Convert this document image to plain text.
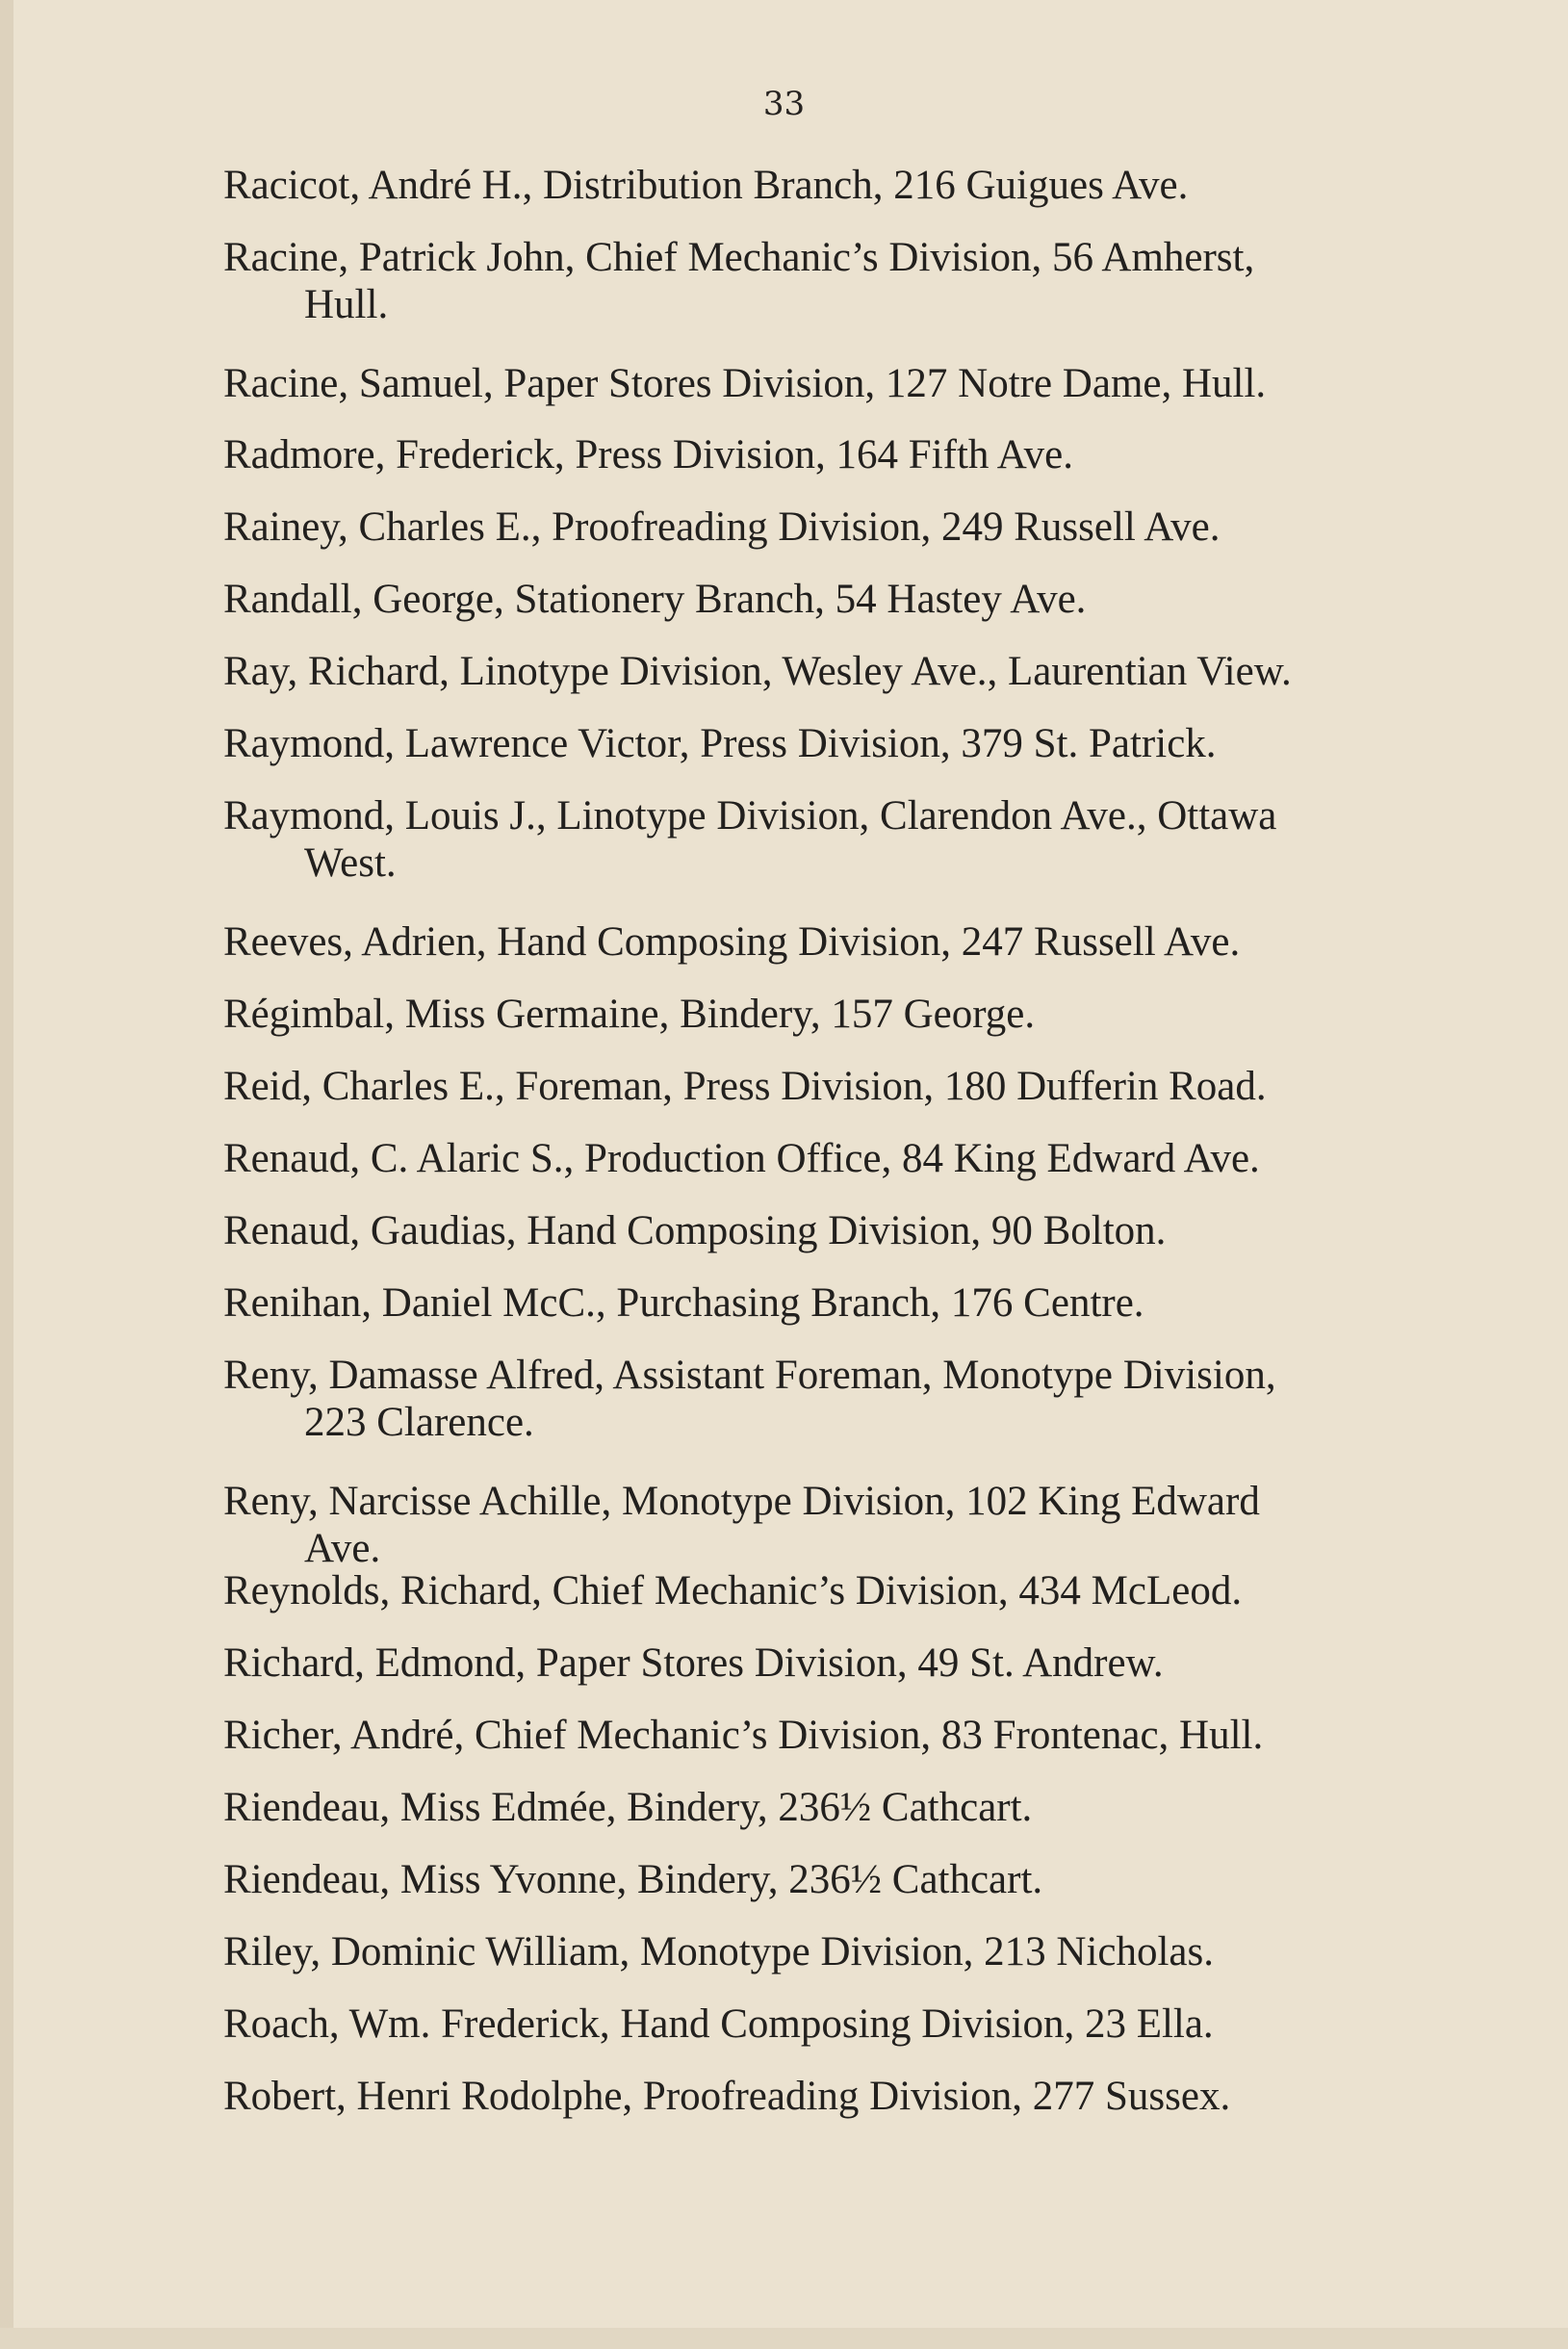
33
Racicot, André H., Distribution Branch, 216 Guigues Ave.
Racine, Patrick John, Chief Mechanic’s Division, 56 Amherst,
Hull.
Racine, Samuel, Paper Stores Division, 127 Notre Dame, Hull.
Radmore, Frederick, Press Division, 164 Fifth Ave.
Rainey, Charles E., Proofreading Division, 249 Russell Ave.
Randall, George, Stationery Branch, 54 Hastey Ave.
Ray, Richard, Linotype Division, Wesley Ave., Laurentian View.
Raymond, Lawrence Victor, Press Division, 379 St. Patrick.
Raymond, Louis J., Linotype Division, Clarendon Ave., Ottawa
West.
Reeves, Adrien, Hand Composing Division, 247 Russell Ave.
Régimbal, Miss Germaine, Bindery, 157 George.
Reid, Charles E., Foreman, Press Division, 180 Dufferin Road.
Renaud, C. Alaric S., Production Office, 84 King Edward Ave.
Renaud, Gaudias, Hand Composing Division, 90 Bolton.
Renihan, Daniel McC., Purchasing Branch, 176 Centre.
Reny, Damasse Alfred, Assistant Foreman, Monotype Division,
223 Clarence.
Reny, Narcisse Achille, Monotype Division, 102 King Edward
Ave.
Reynolds, Richard, Chief Mechanic’s Division, 434 McLeod.
Richard, Edmond, Paper Stores Division, 49 St. Andrew.
Richer, André, Chief Mechanic’s Division, 83 Frontenac, Hull.
Riendeau, Miss Edmée, Bindery, 236½ Cathcart.
Riendeau, Miss Yvonne, Bindery, 236½ Cathcart.
Riley, Dominic William, Monotype Division, 213 Nicholas.
Roach, Wm. Frederick, Hand Composing Division, 23 Ella.
Robert, Henri Rodolphe, Proofreading Division, 277 Sussex.
